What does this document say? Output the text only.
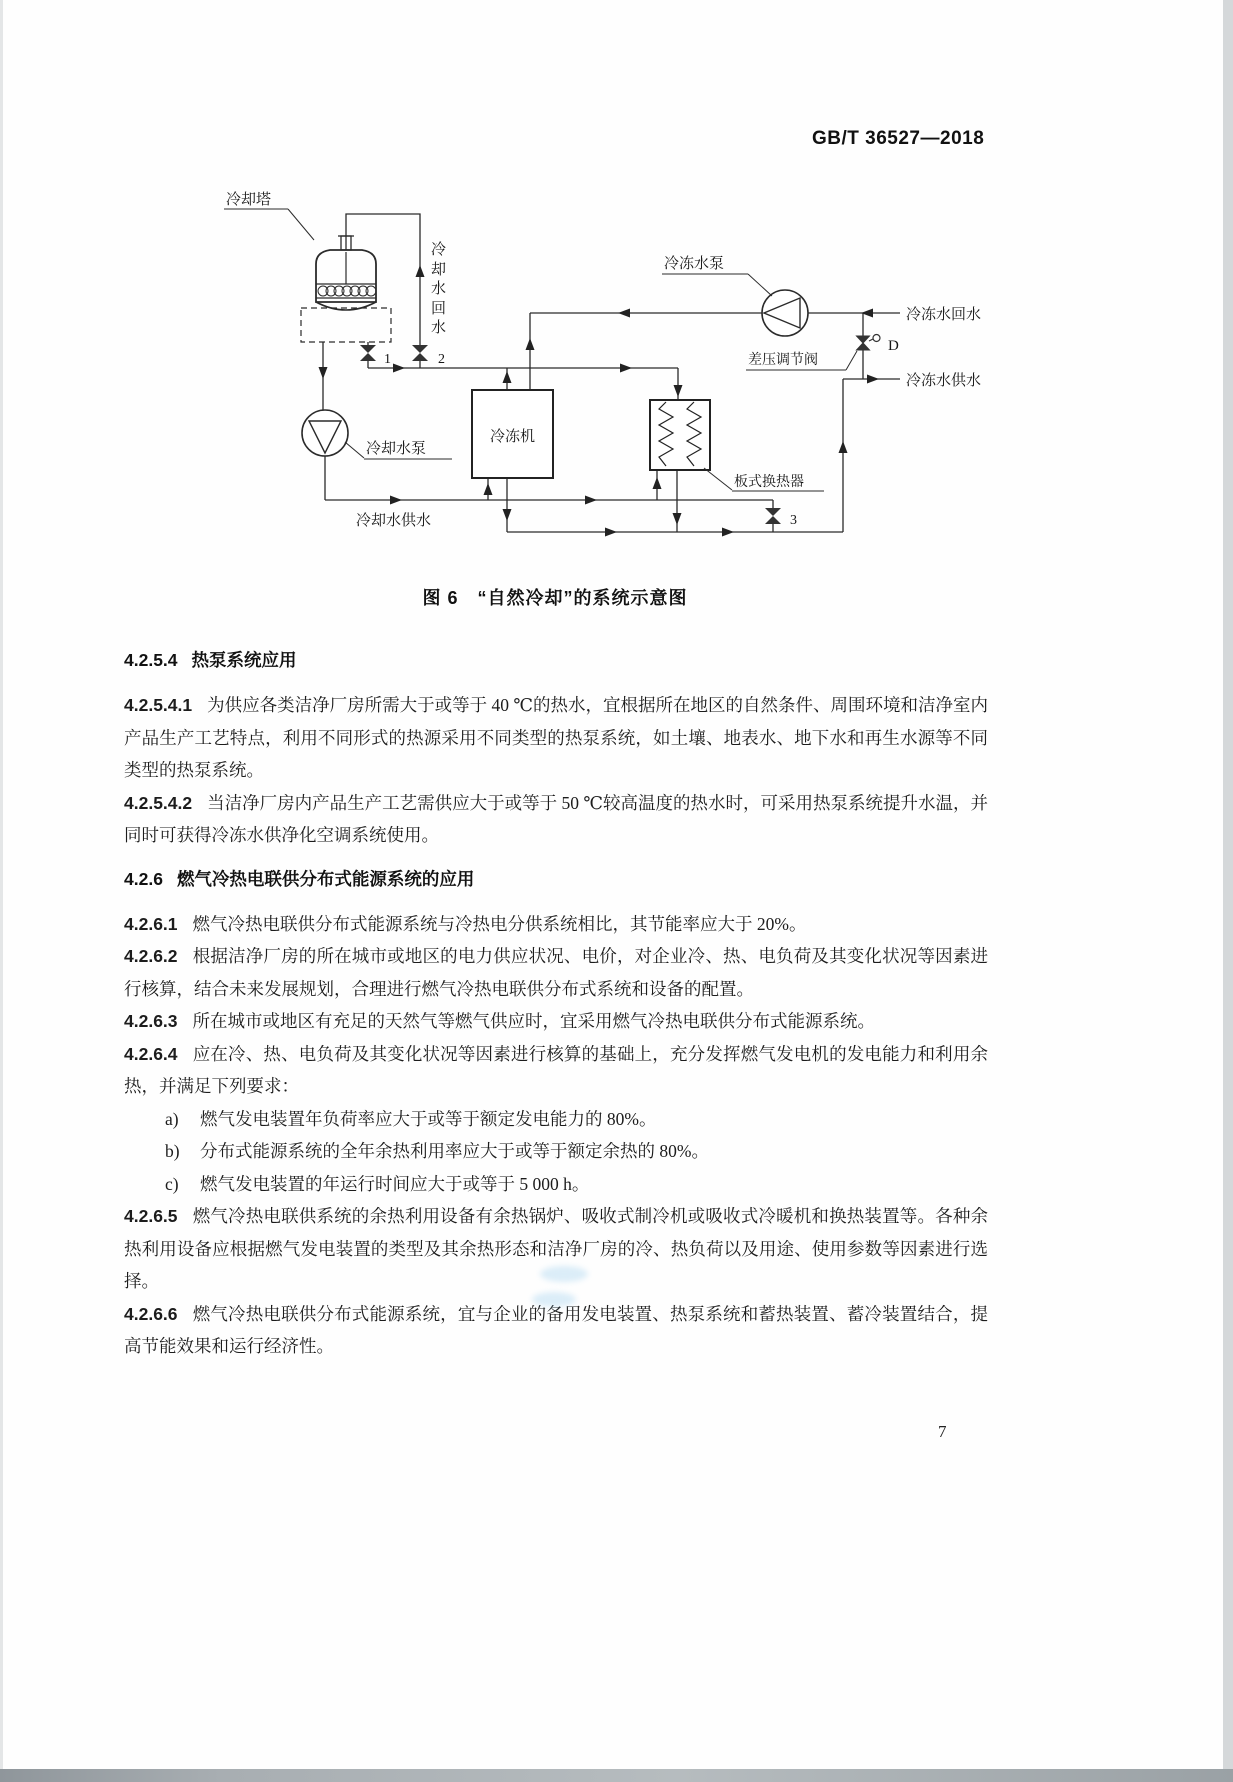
GB/T 36527—2018
冷却塔
冷却水泵
冷冻机
冷冻水泵
冷冻水回水
差压调节阀
冷冻水供水
板式换热器
冷却水供水
1	2
3
D
冷却水回水
图 6　“自然冷却”的系统示意图
4.2.5.4 热泵系统应用

4.2.5.4.1 为供应各类洁净厂房所需大于或等于 40 ℃的热水，宜根据所在地区的自然条件、周围环境和洁净室内产品生产工艺特点，利用不同形式的热源采用不同类型的热泵系统，如土壤、地表水、地下水和再生水源等不同类型的热泵系统。

4.2.5.4.2 当洁净厂房内产品生产工艺需供应大于或等于 50 ℃较高温度的热水时，可采用热泵系统提升水温，并同时可获得冷冻水供净化空调系统使用。

4.2.6 燃气冷热电联供分布式能源系统的应用

4.2.6.1 燃气冷热电联供分布式能源系统与冷热电分供系统相比，其节能率应大于 20%。

4.2.6.2 根据洁净厂房的所在城市或地区的电力供应状况、电价，对企业冷、热、电负荷及其变化状况等因素进行核算，结合未来发展规划，合理进行燃气冷热电联供分布式系统和设备的配置。

4.2.6.3 所在城市或地区有充足的天然气等燃气供应时，宜采用燃气冷热电联供分布式能源系统。

4.2.6.4 应在冷、热、电负荷及其变化状况等因素进行核算的基础上，充分发挥燃气发电机的发电能力和利用余热，并满足下列要求：

a) 燃气发电装置年负荷率应大于或等于额定发电能力的 80%。

b) 分布式能源系统的全年余热利用率应大于或等于额定余热的 80%。

c) 燃气发电装置的年运行时间应大于或等于 5 000 h。

4.2.6.5 燃气冷热电联供系统的余热利用设备有余热锅炉、吸收式制冷机或吸收式冷暖机和换热装置等。各种余热利用设备应根据燃气发电装置的类型及其余热形态和洁净厂房的冷、热负荷以及用途、使用参数等因素进行选择。

4.2.6.6 燃气冷热电联供分布式能源系统，宜与企业的备用发电装置、热泵系统和蓄热装置、蓄冷装置结合，提高节能效果和运行经济性。

7
